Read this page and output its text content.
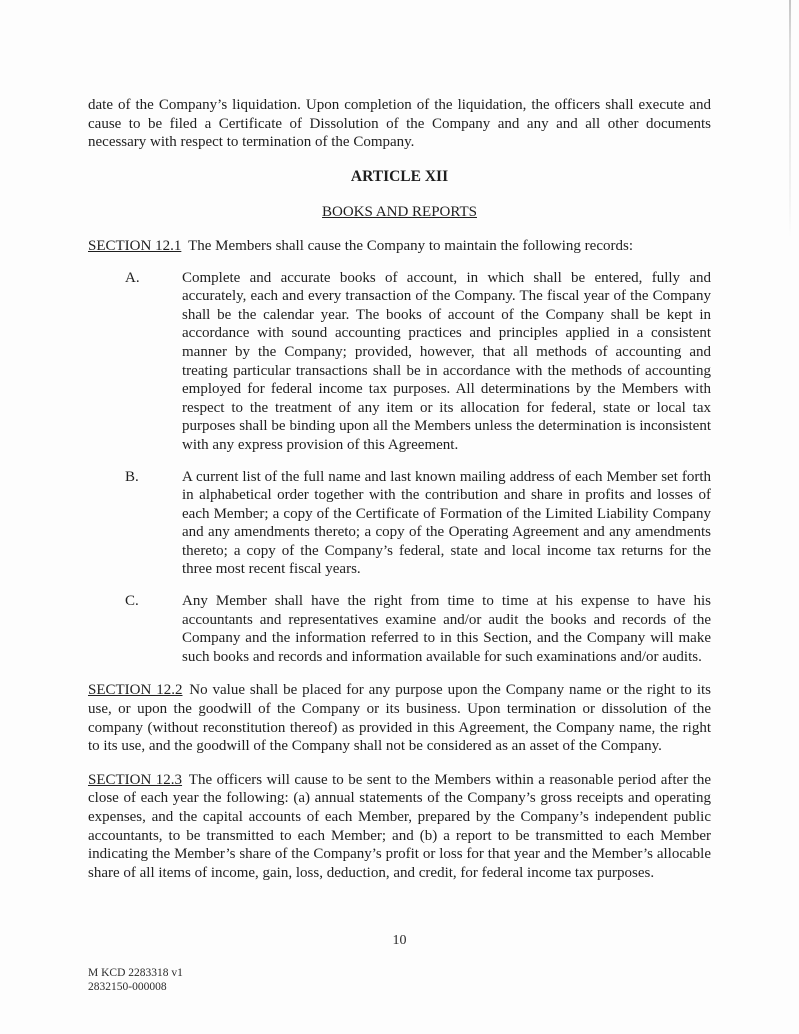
date of the Company’s liquidation. Upon completion of the liquidation, the officers shall execute and cause to be filed a Certificate of Dissolution of the Company and any and all other documents necessary with respect to termination of the Company.

ARTICLE XII
BOOKS AND REPORTS

SECTION 12.1 The Members shall cause the Company to maintain the following records:

A.	Complete and accurate books of account, in which shall be entered, fully and accurately, each and every transaction of the Company. The fiscal year of the Company shall be the calendar year. The books of account of the Company shall be kept in accordance with sound accounting practices and principles applied in a consistent manner by the Company; provided, however, that all methods of accounting and treating particular transactions shall be in accordance with the methods of accounting employed for federal income tax purposes. All determinations by the Members with respect to the treatment of any item or its allocation for federal, state or local tax purposes shall be binding upon all the Members unless the determination is inconsistent with any express provision of this Agreement.
B.	A current list of the full name and last known mailing address of each Member set forth in alphabetical order together with the contribution and share in profits and losses of each Member; a copy of the Certificate of Formation of the Limited Liability Company and any amendments thereto; a copy of the Operating Agreement and any amendments thereto; a copy of the Company’s federal, state and local income tax returns for the three most recent fiscal years.
C.	Any Member shall have the right from time to time at his expense to have his accountants and representatives examine and/or audit the books and records of the Company and the information referred to in this Section, and the Company will make such books and records and information available for such examinations and/or audits.

SECTION 12.2 No value shall be placed for any purpose upon the Company name or the right to its use, or upon the goodwill of the Company or its business. Upon termination or dissolution of the company (without reconstitution thereof) as provided in this Agreement, the Company name, the right to its use, and the goodwill of the Company shall not be considered as an asset of the Company.

SECTION 12.3 The officers will cause to be sent to the Members within a reasonable period after the close of each year the following: (a) annual statements of the Company’s gross receipts and operating expenses, and the capital accounts of each Member, prepared by the Company’s independent public accountants, to be transmitted to each Member; and (b) a report to be transmitted to each Member indicating the Member’s share of the Company’s profit or loss for that year and the Member’s allocable share of all items of income, gain, loss, deduction, and credit, for federal income tax purposes.

10
M KCD 2283318 v1
2832150-000008
